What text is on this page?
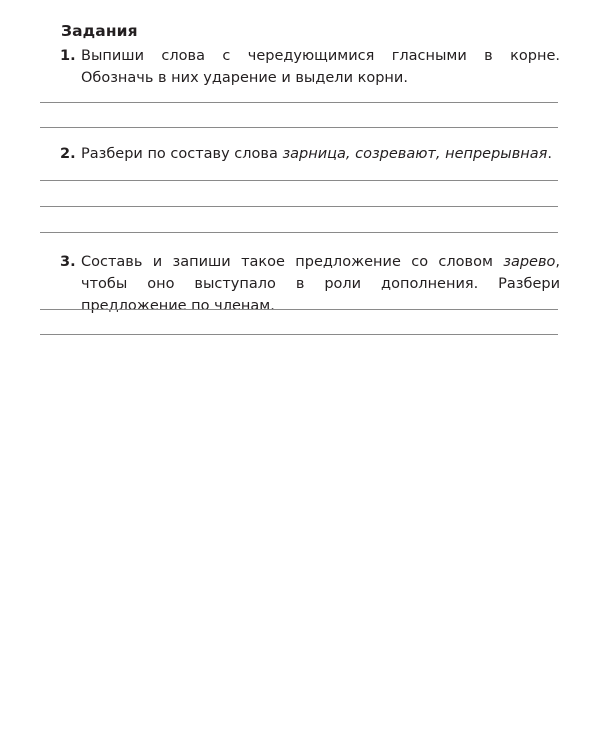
Задания
1. Выпиши слова с чередующимися гласными в корне. Обозначь в них ударение и выдели корни.
2. Разбери по составу слова зарница, созревают, непрерывная.
3. Составь и запиши такое предложение со словом зарево, чтобы оно выступало в роли дополнения. Разбери предложение по членам.
